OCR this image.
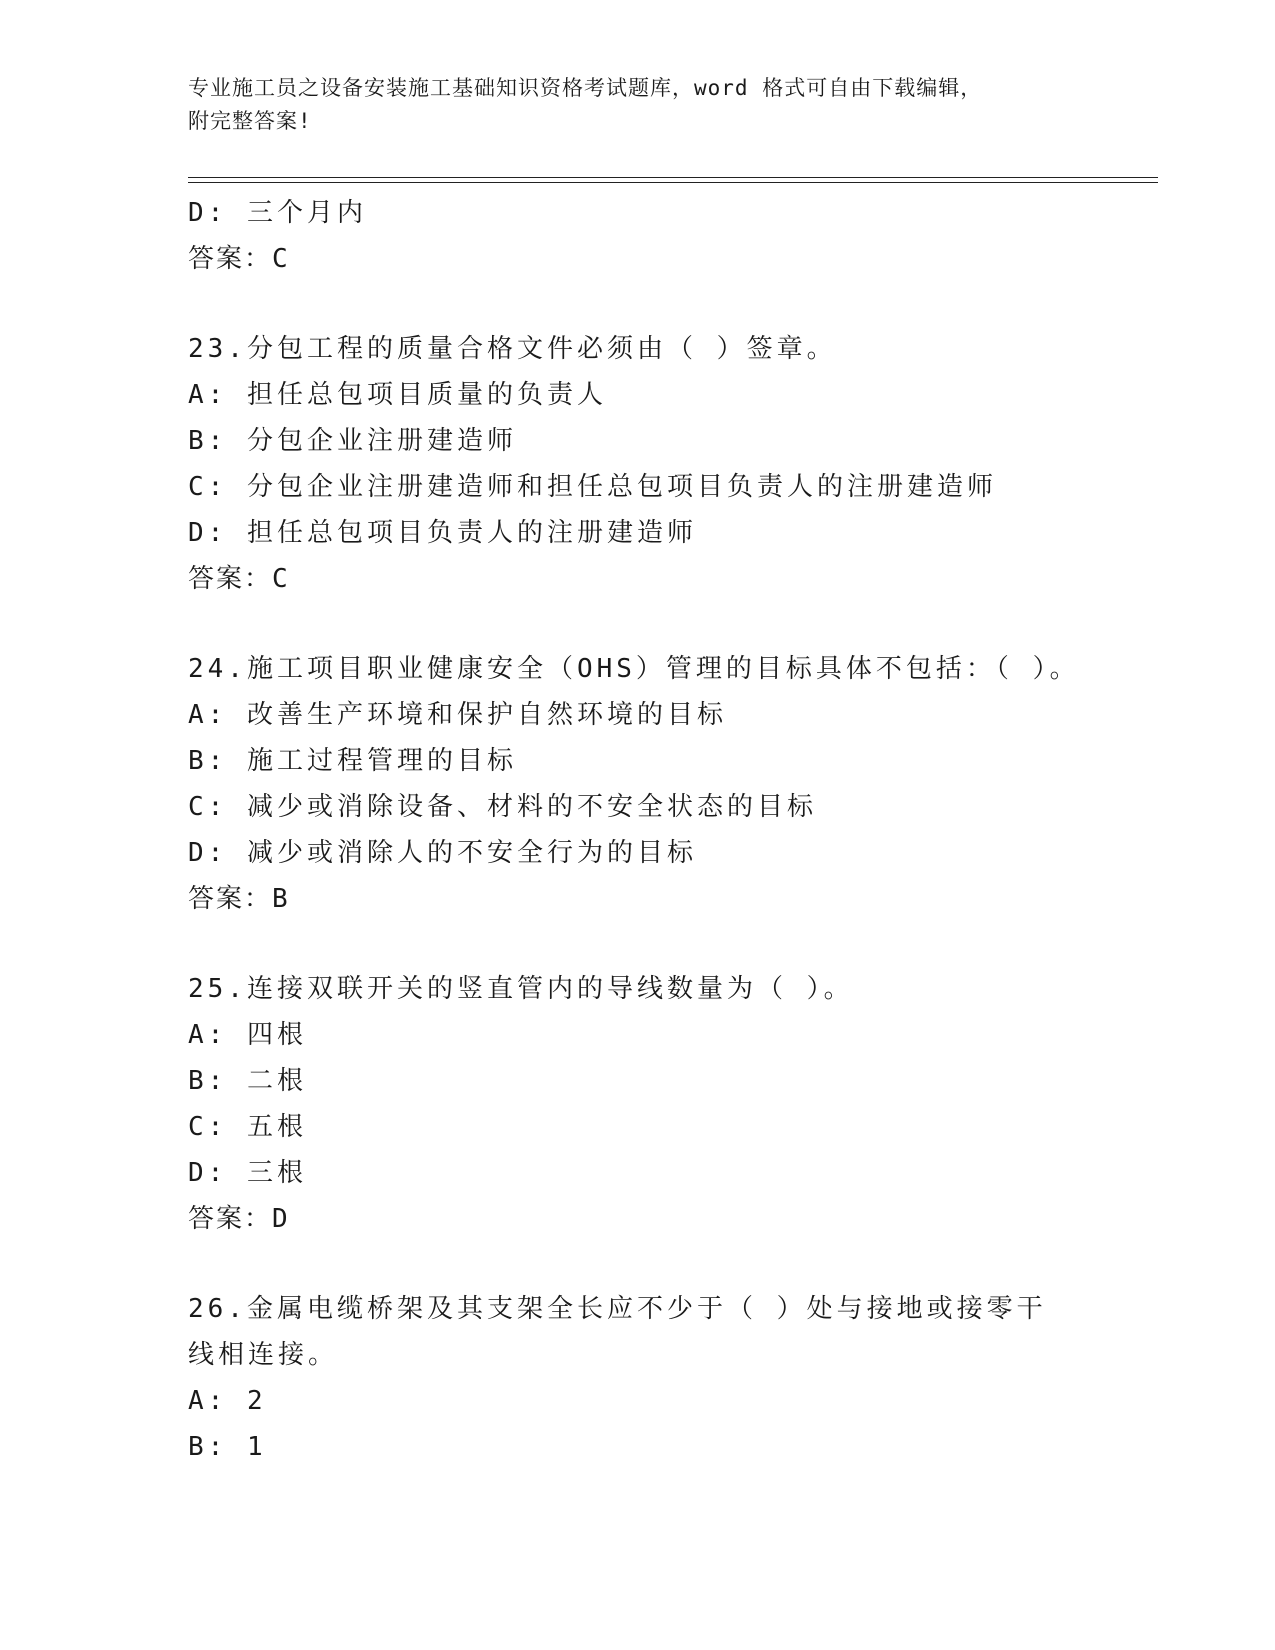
专业施工员之设备安装施工基础知识资格考试题库，word 格式可自由下载编辑，
附完整答案!
D: 三个月内
答案：C
23.分包工程的质量合格文件必须由（ ）签章。
A: 担任总包项目质量的负责人
B: 分包企业注册建造师
C: 分包企业注册建造师和担任总包项目负责人的注册建造师
D: 担任总包项目负责人的注册建造师
答案：C
24.施工项目职业健康安全（OHS）管理的目标具体不包括：（ ）。
A: 改善生产环境和保护自然环境的目标
B: 施工过程管理的目标
C: 减少或消除设备、材料的不安全状态的目标
D: 减少或消除人的不安全行为的目标
答案：B
25.连接双联开关的竖直管内的导线数量为（ ）。
A: 四根
B: 二根
C: 五根
D: 三根
答案：D
26.金属电缆桥架及其支架全长应不少于（ ）处与接地或接零干线相连接。
A: 2
B: 1
